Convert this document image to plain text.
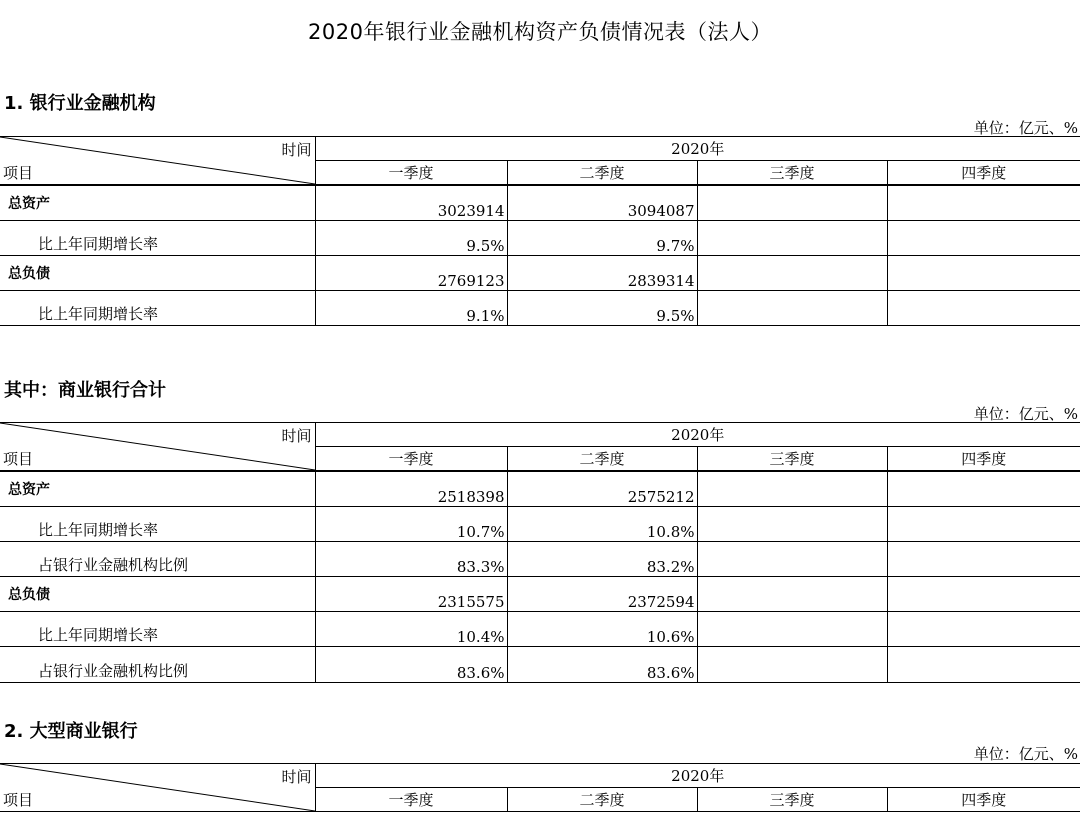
2020年银行业金融机构资产负债情况表（法人）
1. 银行业金融机构
单位：亿元、%
时间
项目	2020年			
	一季度	二季度	三季度	四季度
总资产	3023914	3094087		
比上年同期增长率	9.5%	9.7%		
总负债	2769123	2839314		
比上年同期增长率	9.1%	9.5%		
其中：商业银行合计
单位：亿元、%
时间
项目	2020年			
	一季度	二季度	三季度	四季度
总资产	2518398	2575212		
比上年同期增长率	10.7%	10.8%		
占银行业金融机构比例	83.3%	83.2%		
总负债	2315575	2372594		
比上年同期增长率	10.4%	10.6%		
占银行业金融机构比例	83.6%	83.6%		
2. 大型商业银行
单位：亿元、%
时间
项目	2020年			
	一季度	二季度	三季度	四季度
